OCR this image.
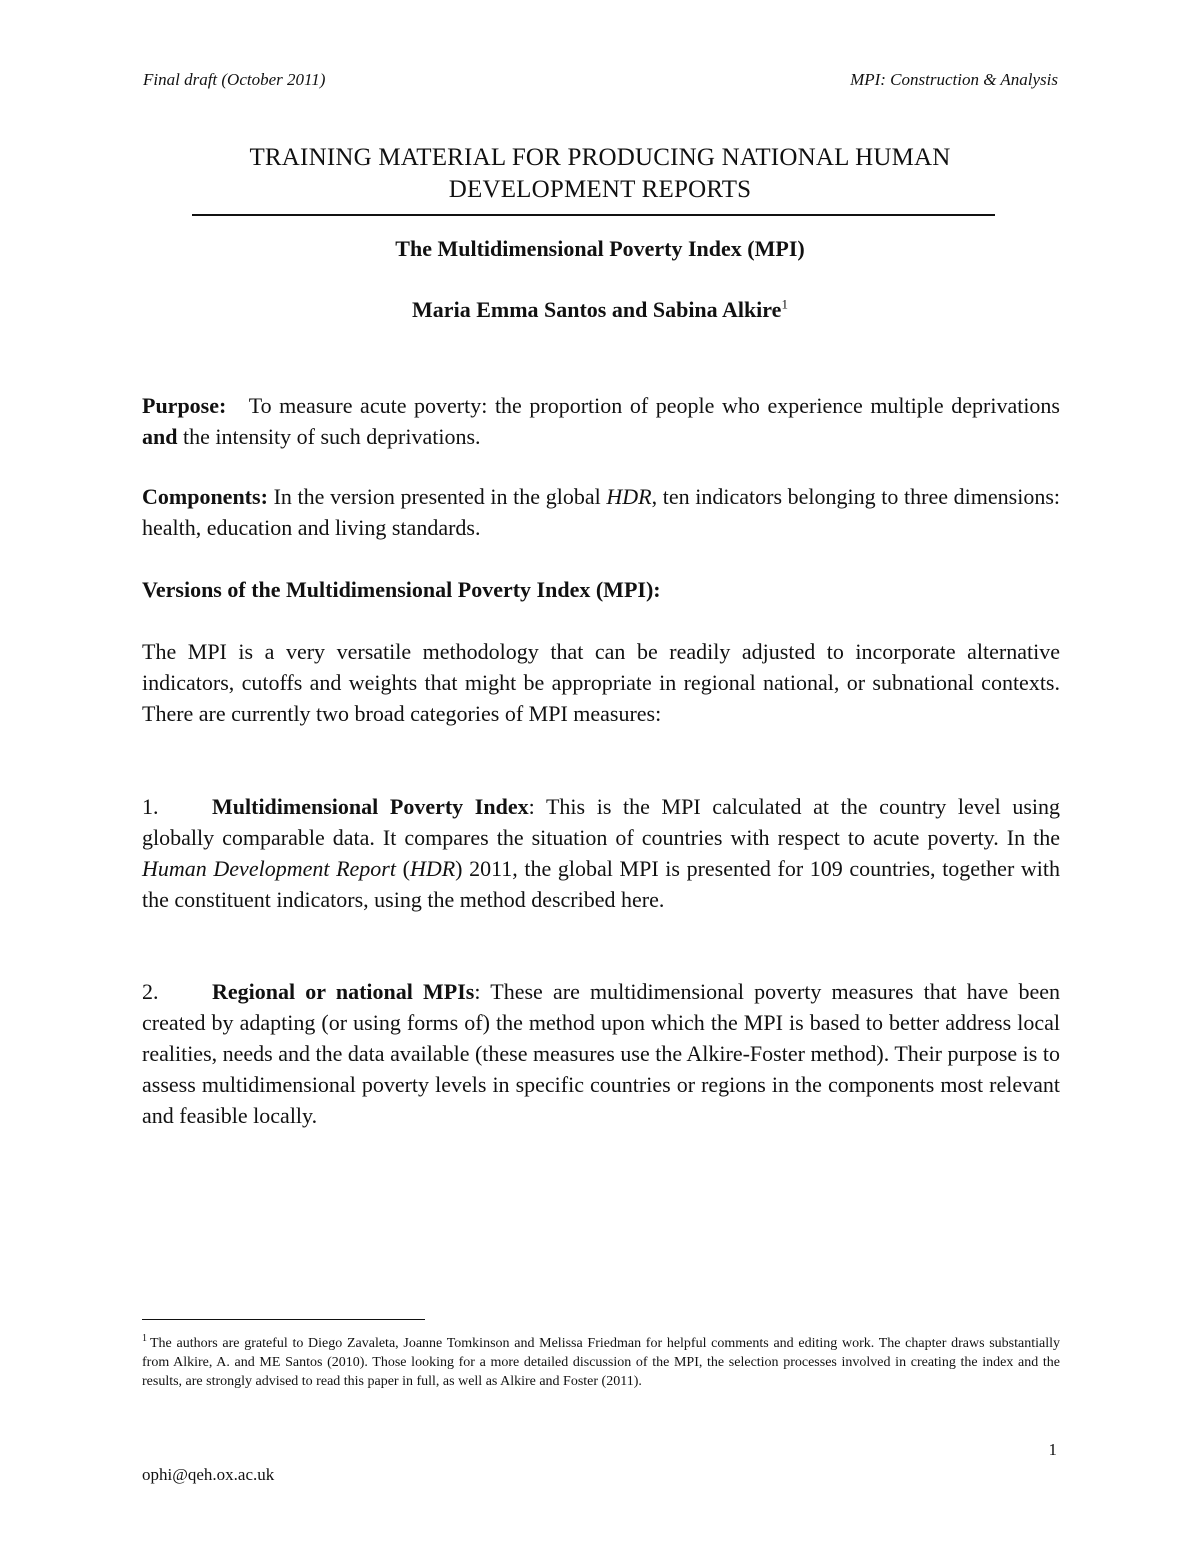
Final draft (October 2011)	MPI: Construction & Analysis
TRAINING MATERIAL FOR PRODUCING NATIONAL HUMAN
DEVELOPMENT REPORTS
The Multidimensional Poverty Index (MPI)
Maria Emma Santos and Sabina Alkire$^1$
Purpose: To measure acute poverty: the proportion of people who experience multiple deprivations and the intensity of such deprivations.
Components: In the version presented in the global HDR, ten indicators belonging to three dimensions: health, education and living standards.
Versions of the Multidimensional Poverty Index (MPI):
The MPI is a very versatile methodology that can be readily adjusted to incorporate alternative indicators, cutoffs and weights that might be appropriate in regional national, or subnational contexts. There are currently two broad categories of MPI measures:
1. Multidimensional Poverty Index: This is the MPI calculated at the country level using globally comparable data. It compares the situation of countries with respect to acute poverty. In the Human Development Report (HDR) 2011, the global MPI is presented for 109 countries, together with the constituent indicators, using the method described here.
2. Regional or national MPIs: These are multidimensional poverty measures that have been created by adapting (or using forms of) the method upon which the MPI is based to better address local realities, needs and the data available (these measures use the Alkire-Foster method). Their purpose is to assess multidimensional poverty levels in specific countries or regions in the components most relevant and feasible locally.
$^1$ The authors are grateful to Diego Zavaleta, Joanne Tomkinson and Melissa Friedman for helpful comments and editing work. The chapter draws substantially from Alkire, A. and ME Santos (2010). Those looking for a more detailed discussion of the MPI, the selection processes involved in creating the index and the results, are strongly advised to read this paper in full, as well as Alkire and Foster (2011).
1
ophi@qeh.ox.ac.uk
